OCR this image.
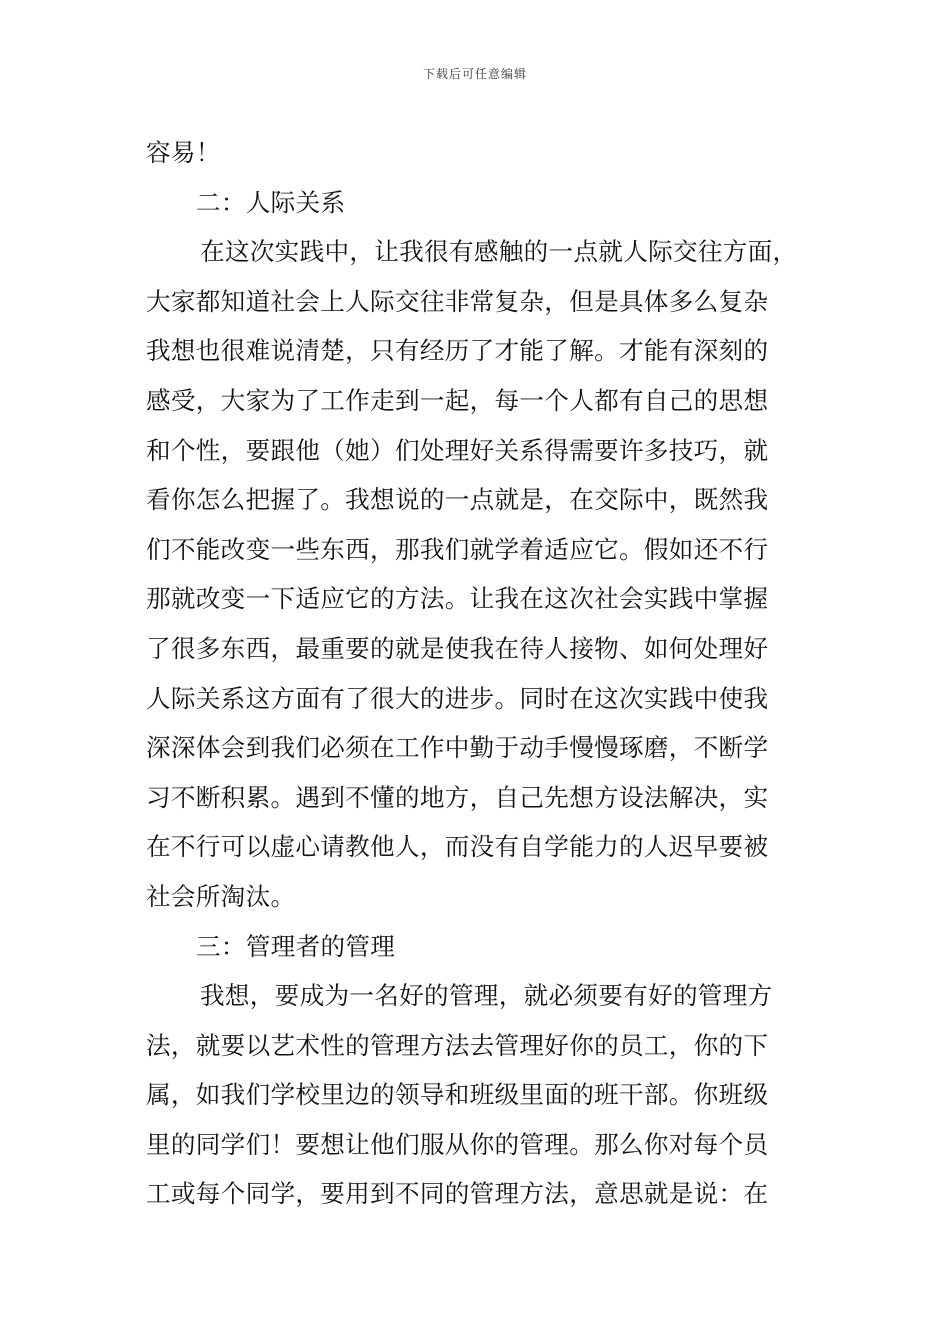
下载后可任意编辑
容易！
二：人际关系
在这次实践中，让我很有感触的一点就人际交往方面，
大家都知道社会上人际交往非常复杂，但是具体多么复杂
我想也很难说清楚，只有经历了才能了解。才能有深刻的
感受，大家为了工作走到一起，每一个人都有自己的思想
和个性，要跟他（她）们处理好关系得需要许多技巧，就
看你怎么把握了。我想说的一点就是，在交际中，既然我
们不能改变一些东西，那我们就学着适应它。假如还不行
那就改变一下适应它的方法。让我在这次社会实践中掌握
了很多东西，最重要的就是使我在待人接物、如何处理好
人际关系这方面有了很大的进步。同时在这次实践中使我
深深体会到我们必须在工作中勤于动手慢慢琢磨，不断学
习不断积累。遇到不懂的地方，自己先想方设法解决，实
在不行可以虚心请教他人，而没有自学能力的人迟早要被
社会所淘汰。
三：管理者的管理
我想，要成为一名好的管理，就必须要有好的管理方
法，就要以艺术性的管理方法去管理好你的员工，你的下
属，如我们学校里边的领导和班级里面的班干部。你班级
里的同学们！要想让他们服从你的管理。那么你对每个员
工或每个同学，要用到不同的管理方法，意思就是说：在
